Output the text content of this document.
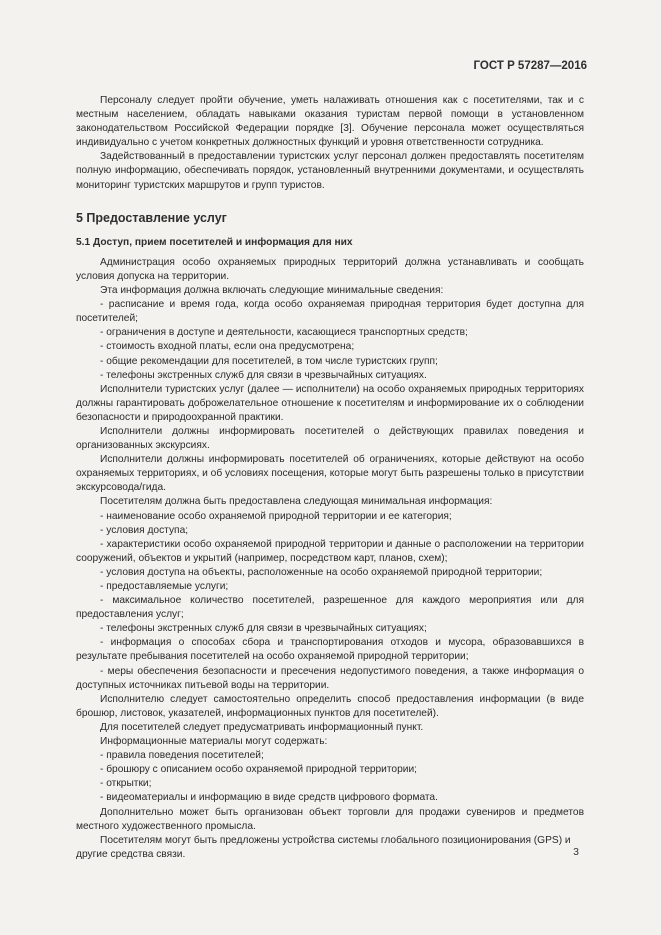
ГОСТ Р 57287—2016

Персоналу следует пройти обучение, уметь налаживать отношения как с посетителями, так и с местным населением, обладать навыками оказания туристам первой помощи в установленном законодательством Российской Федерации порядке [3]. Обучение персонала может осуществляться индивидуально с учетом конкретных должностных функций и уровня ответственности сотрудника.

Задействованный в предоставлении туристских услуг персонал должен предоставлять посетителям полную информацию, обеспечивать порядок, установленный внутренними документами, и осуществлять мониторинг туристских маршрутов и групп туристов.

5 Предоставление услуг
5.1 Доступ, прием посетителей и информация для них

Администрация особо охраняемых природных территорий должна устанавливать и сообщать условия допуска на территории.

Эта информация должна включать следующие минимальные сведения:

- расписание и время года, когда особо охраняемая природная территория будет доступна для посетителей;

- ограничения в доступе и деятельности, касающиеся транспортных средств;

- стоимость входной платы, если она предусмотрена;

- общие рекомендации для посетителей, в том числе туристских групп;

- телефоны экстренных служб для связи в чрезвычайных ситуациях.

Исполнители туристских услуг (далее — исполнители) на особо охраняемых природных территориях должны гарантировать доброжелательное отношение к посетителям и информирование их о соблюдении безопасности и природоохранной практики.

Исполнители должны информировать посетителей о действующих правилах поведения и организованных экскурсиях.

Исполнители должны информировать посетителей об ограничениях, которые действуют на особо охраняемых территориях, и об условиях посещения, которые могут быть разрешены только в присутствии экскурсовода/гида.

Посетителям должна быть предоставлена следующая минимальная информация:

- наименование особо охраняемой природной территории и ее категория;

- условия доступа;

- характеристики особо охраняемой природной территории и данные о расположении на территории сооружений, объектов и укрытий (например, посредством карт, планов, схем);

- условия доступа на объекты, расположенные на особо охраняемой природной территории;

- предоставляемые услуги;

- максимальное количество посетителей, разрешенное для каждого мероприятия или для предоставления услуг;

- телефоны экстренных служб для связи в чрезвычайных ситуациях;

- информация о способах сбора и транспортирования отходов и мусора, образовавшихся в результате пребывания посетителей на особо охраняемой природной территории;

- меры обеспечения безопасности и пресечения недопустимого поведения, а также информация о доступных источниках питьевой воды на территории.

Исполнителю следует самостоятельно определить способ предоставления информации (в виде брошюр, листовок, указателей, информационных пунктов для посетителей).

Для посетителей следует предусматривать информационный пункт.

Информационные материалы могут содержать:

- правила поведения посетителей;

- брошюру с описанием особо охраняемой природной территории;

- открытки;

- видеоматериалы и информацию в виде средств цифрового формата.

Дополнительно может быть организован объект торговли для продажи сувениров и предметов местного художественного промысла.

Посетителям могут быть предложены устройства системы глобального позиционирования (GPS) и другие средства связи.	3
